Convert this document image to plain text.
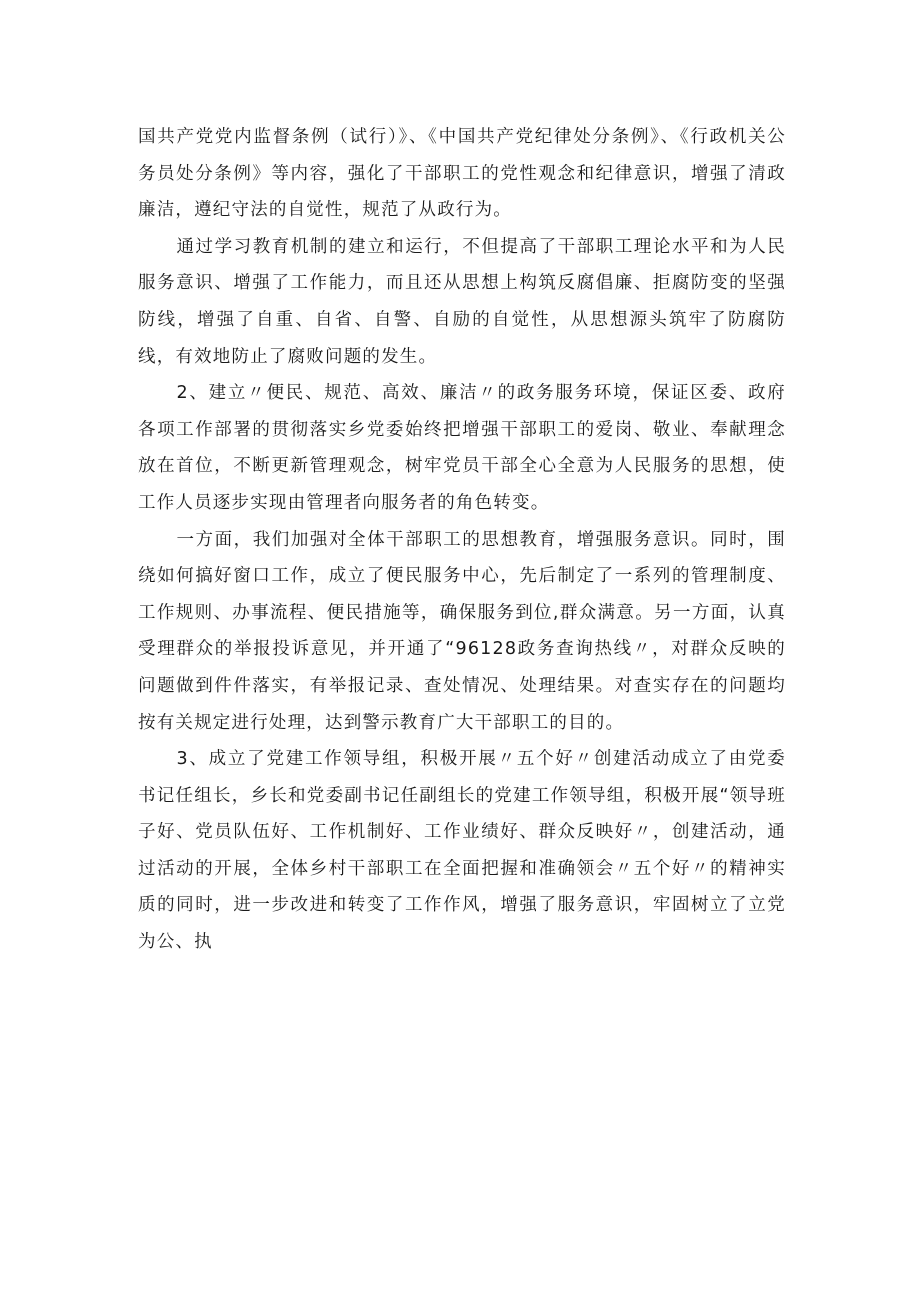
国共产党党内监督条例（试行）》、《中国共产党纪律处分条例》、《行政机关公务员处分条例》等内容，强化了干部职工的党性观念和纪律意识，增强了清政廉洁，遵纪守法的自觉性，规范了从政行为。

通过学习教育机制的建立和运行，不但提高了干部职工理论水平和为人民服务意识、增强了工作能力，而且还从思想上构筑反腐倡廉、拒腐防变的坚强防线，增强了自重、自省、自警、自励的自觉性，从思想源头筑牢了防腐防线，有效地防止了腐败问题的发生。

2、建立〃便民、规范、高效、廉洁〃的政务服务环境，保证区委、政府各项工作部署的贯彻落实乡党委始终把增强干部职工的爱岗、敬业、奉献理念放在首位，不断更新管理观念，树牢党员干部全心全意为人民服务的思想，使工作人员逐步实现由管理者向服务者的角色转变。

一方面，我们加强对全体干部职工的思想教育，增强服务意识。同时，围绕如何搞好窗口工作，成立了便民服务中心，先后制定了一系列的管理制度、工作规则、办事流程、便民措施等，确保服务到位,群众满意。另一方面，认真受理群众的举报投诉意见，并开通了“96128政务查询热线〃，对群众反映的问题做到件件落实，有举报记录、查处情况、处理结果。对查实存在的问题均按有关规定进行处理，达到警示教育广大干部职工的目的。

3、成立了党建工作领导组，积极开展〃五个好〃创建活动成立了由党委书记任组长，乡长和党委副书记任副组长的党建工作领导组，积极开展“领导班子好、党员队伍好、工作机制好、工作业绩好、群众反映好〃，创建活动，通过活动的开展，全体乡村干部职工在全面把握和准确领会〃五个好〃的精神实质的同时，进一步改进和转变了工作作风，增强了服务意识，牢固树立了立党为公、执
